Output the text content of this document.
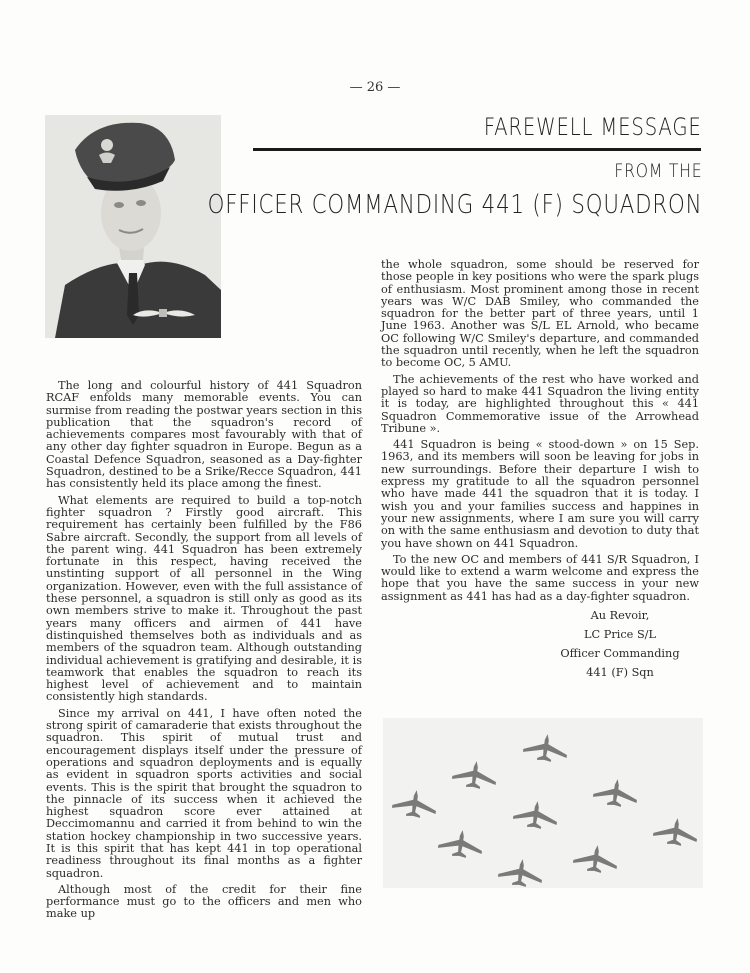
— 26 —
FAREWELL MESSAGE
FROM THE
OFFICER COMMANDING 441 (F) SQUADRON

The long and colourful history of 441 Squadron RCAF enfolds many memorable events. You can surmise from reading the postwar years section in this publication that the squadron's record of achievements compares most favourably with that of any other day fighter squadron in Europe. Begun as a Coastal Defence Squadron, seasoned as a Day-fighter Squadron, destined to be a Srike/Recce Squadron, 441 has consistently held its place among the finest.

What elements are required to build a top-notch fighter squadron ? Firstly good aircraft. This requirement has certainly been fulfilled by the F86 Sabre aircraft. Secondly, the support from all levels of the parent wing. 441 Squadron has been extremely fortunate in this respect, having received the unstinting support of all personnel in the Wing organization. However, even with the full assistance of these personnel, a squadron is still only as good as its own members strive to make it. Throughout the past years many officers and airmen of 441 have distinquished themselves both as individuals and as members of the squadron team. Although outstanding individual achievement is gratifying and desirable, it is teamwork that enables the squadron to reach its highest level of achievement and to maintain consistently high standards.

Since my arrival on 441, I have often noted the strong spirit of camaraderie that exists throughout the squadron. This spirit of mutual trust and encouragement displays itself under the pressure of operations and squadron deployments and is equally as evident in squadron sports activities and social events. This is the spirit that brought the squadron to the pinnacle of its success when it achieved the highest squadron score ever attained at Deccimomannu and carried it from behind to win the station hockey championship in two successive years. It is this spirit that has kept 441 in top operational readiness throughout its final months as a fighter squadron.

Although most of the credit for their fine performance must go to the officers and men who make up

the whole squadron, some should be reserved for those people in key positions who were the spark plugs of enthusiasm. Most prominent among those in recent years was W/C DAB Smiley, who commanded the squadron for the better part of three years, until 1 June 1963. Another was S/L EL Arnold, who became OC following W/C Smiley's departure, and commanded the squadron until recently, when he left the squadron to become OC, 5 AMU.

The achievements of the rest who have worked and played so hard to make 441 Squadron the living entity it is today, are highlighted throughout this « 441 Squadron Commemorative issue of the Arrowhead Tribune ».

441 Squadron is being « stood-down » on 15 Sep. 1963, and its members will soon be leaving for jobs in new surroundings. Before their departure I wish to express my gratitude to all the squadron personnel who have made 441 the squadron that it is today. I wish you and your families success and happines in your new assignments, where I am sure you will carry on with the same enthusiasm and devotion to duty that you have shown on 441 Squadron.

To the new OC and members of 441 S/R Squadron, I would like to extend a warm welcome and express the hope that you have the same success in your new assignment as 441 has had as a day-fighter squadron.

Au Revoir,
LC Price S/L
Officer Commanding
441 (F) Sqn
